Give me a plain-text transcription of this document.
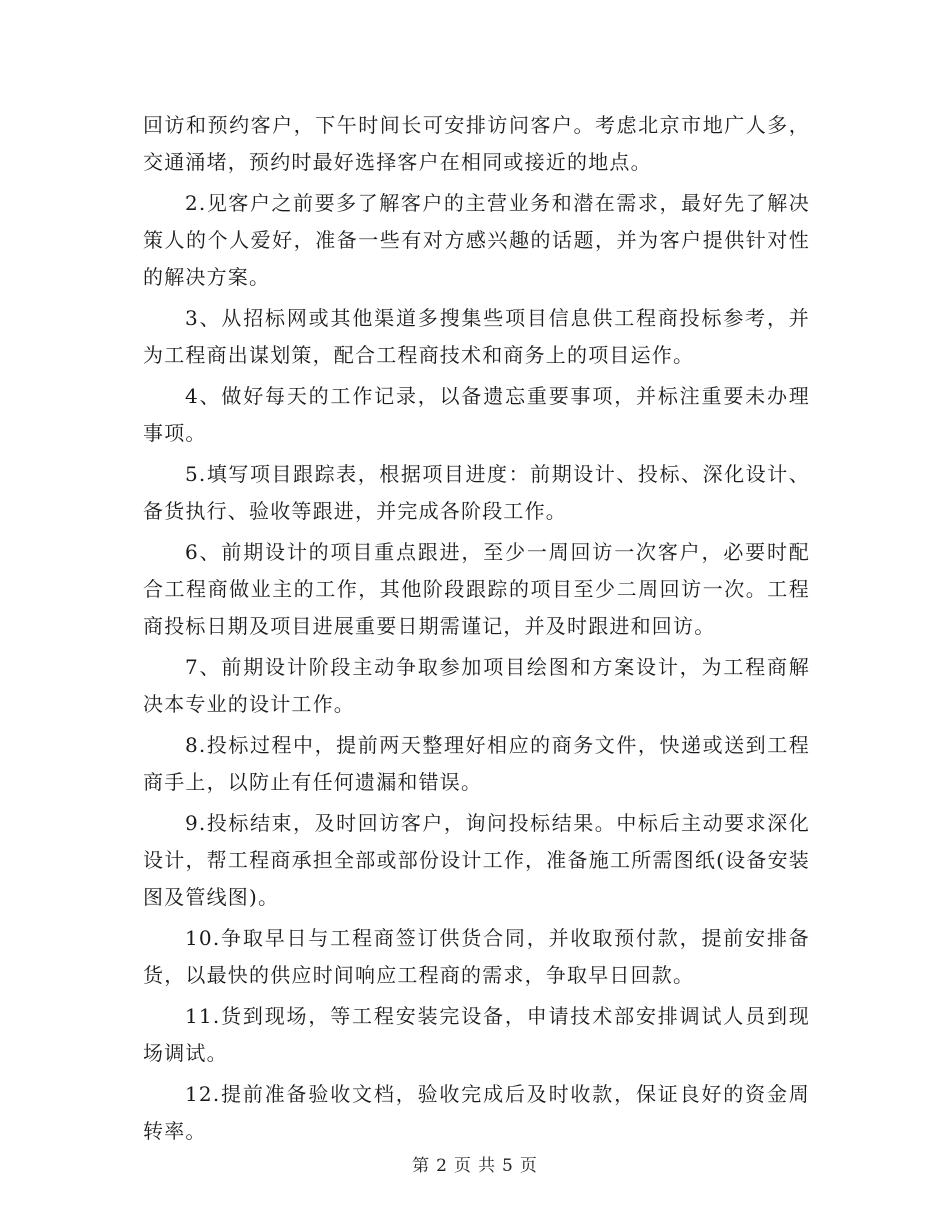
回访和预约客户，下午时间长可安排访问客户。考虑北京市地广人多，交通涌堵，预约时最好选择客户在相同或接近的地点。

2.见客户之前要多了解客户的主营业务和潜在需求，最好先了解决策人的个人爱好，准备一些有对方感兴趣的话题，并为客户提供针对性的解决方案。

3、从招标网或其他渠道多搜集些项目信息供工程商投标参考，并为工程商出谋划策，配合工程商技术和商务上的项目运作。

4、做好每天的工作记录，以备遗忘重要事项，并标注重要未办理事项。

5.填写项目跟踪表，根据项目进度：前期设计、投标、深化设计、备货执行、验收等跟进，并完成各阶段工作。

6、前期设计的项目重点跟进，至少一周回访一次客户，必要时配合工程商做业主的工作，其他阶段跟踪的项目至少二周回访一次。工程商投标日期及项目进展重要日期需谨记，并及时跟进和回访。

7、前期设计阶段主动争取参加项目绘图和方案设计，为工程商解决本专业的设计工作。

8.投标过程中，提前两天整理好相应的商务文件，快递或送到工程商手上，以防止有任何遗漏和错误。

9.投标结束，及时回访客户，询问投标结果。中标后主动要求深化设计，帮工程商承担全部或部份设计工作，准备施工所需图纸(设备安装图及管线图)。

10.争取早日与工程商签订供货合同，并收取预付款，提前安排备货，以最快的供应时间响应工程商的需求，争取早日回款。

11.货到现场，等工程安装完设备，申请技术部安排调试人员到现场调试。

12.提前准备验收文档，验收完成后及时收款，保证良好的资金周转率。

第 2 页 共 5 页
